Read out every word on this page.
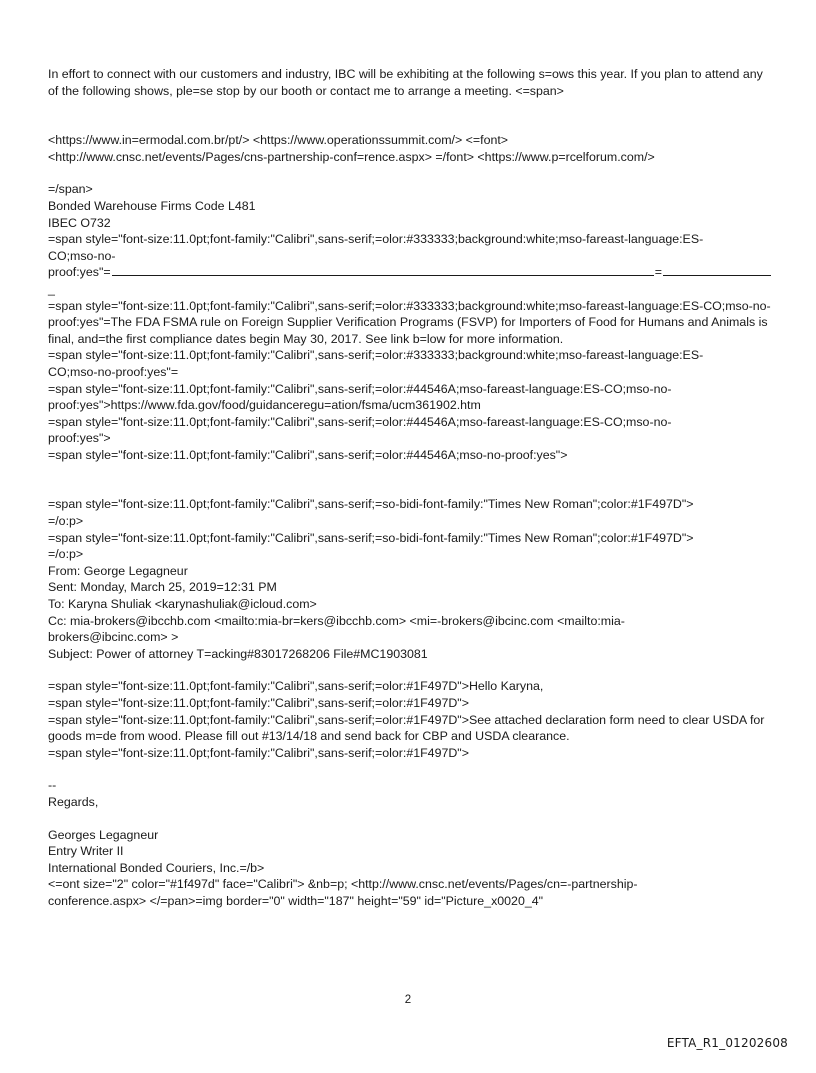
In effort to connect with our customers and industry, IBC will be exhibiting at the following s=ows this year. If you plan to attend any of the following shows, ple=se stop by our booth or contact me to arrange a meeting. <=span>
<https://www.in=ermodal.com.br/pt/> <https://www.operationssummit.com/> <=font>
<http://www.cnsc.net/events/Pages/cns-partnership-conf=rence.aspx> =/font> <https://www.p=rcelforum.com/>
=/span>
Bonded Warehouse Firms Code L481
IBEC O732
=span style="font-size:11.0pt;font-family:"Calibri",sans-serif;=olor:#333333;background:white;mso-fareast-language:ES-
CO;mso-no-
proof:yes"=	=
_
=span style="font-size:11.0pt;font-family:"Calibri",sans-serif;=olor:#333333;background:white;mso-fareast-language:ES-CO;mso-no-proof:yes"=The FDA FSMA rule on Foreign Supplier Verification Programs (FSVP) for Importers of Food for Humans and Animals is final, and=the first compliance dates begin May 30, 2017. See link b=low for more information.
=span style="font-size:11.0pt;font-family:"Calibri",sans-serif;=olor:#333333;background:white;mso-fareast-language:ES-
CO;mso-no-proof:yes"=
=span style="font-size:11.0pt;font-family:"Calibri",sans-serif;=olor:#44546A;mso-fareast-language:ES-CO;mso-no-
proof:yes">https://www.fda.gov/food/guidanceregu=ation/fsma/ucm361902.htm
=span style="font-size:11.0pt;font-family:"Calibri",sans-serif;=olor:#44546A;mso-fareast-language:ES-CO;mso-no-
proof:yes">
=span style="font-size:11.0pt;font-family:"Calibri",sans-serif;=olor:#44546A;mso-no-proof:yes">
=span style="font-size:11.0pt;font-family:"Calibri",sans-serif;=so-bidi-font-family:"Times New Roman";color:#1F497D">
=/o:p>
=span style="font-size:11.0pt;font-family:"Calibri",sans-serif;=so-bidi-font-family:"Times New Roman";color:#1F497D">
=/o:p>
From: George Legagneur
Sent: Monday, March 25, 2019=12:31 PM
To: Karyna Shuliak <karynashuliak@icloud.com>
Cc: mia-brokers@ibcchb.com <mailto:mia-br=kers@ibcchb.com> <mi=-brokers@ibcinc.com <mailto:mia-
brokers@ibcinc.com> >
Subject: Power of attorney T=acking#83017268206 File#MC1903081
=span style="font-size:11.0pt;font-family:"Calibri",sans-serif;=olor:#1F497D">Hello Karyna,
=span style="font-size:11.0pt;font-family:"Calibri",sans-serif;=olor:#1F497D">
=span style="font-size:11.0pt;font-family:"Calibri",sans-serif;=olor:#1F497D">See attached declaration form need to clear USDA for goods m=de from wood. Please fill out #13/14/18 and send back for CBP and USDA clearance.
=span style="font-size:11.0pt;font-family:"Calibri",sans-serif;=olor:#1F497D">
--
Regards,
Georges Legagneur
Entry Writer II
International Bonded Couriers, Inc.=/b>
<=ont size="2" color="#1f497d" face="Calibri"> &nb=p; <http://www.cnsc.net/events/Pages/cn=-partnership-
conference.aspx> </=pan>=img border="0" width="187" height="59" id="Picture_x0020_4"
2
EFTA_R1_01202608
